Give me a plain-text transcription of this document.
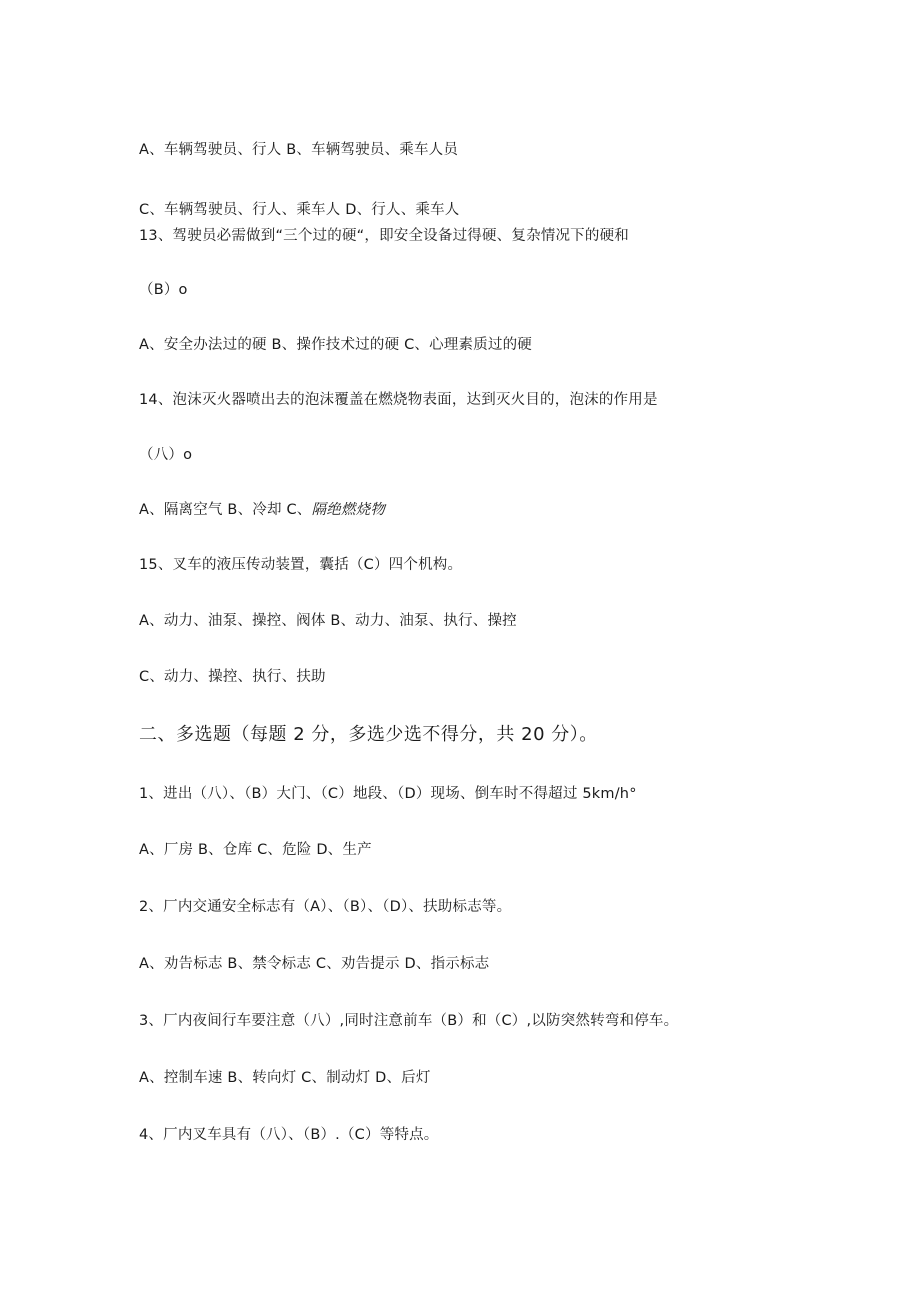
A、车辆驾驶员、行人 B、车辆驾驶员、乘车人员
C、车辆驾驶员、行人、乘车人 D、行人、乘车人
13、驾驶员必需做到“三个过的硬“，即安全设备过得硬、复杂情况下的硬和
（B）o
A、安全办法过的硬 B、操作技术过的硬 C、心理素质过的硬
14、泡沫灭火器喷出去的泡沫覆盖在燃烧物表面，达到灭火目的，泡沫的作用是
（八）o
A、隔离空气 B、冷却 C、隔绝燃烧物
15、叉车的液压传动装置，囊括（C）四个机构。
A、动力、油泵、操控、阀体 B、动力、油泵、执行、操控
C、动力、操控、执行、扶助
二、多选题（每题 2 分，多选少选不得分，共 20 分）。
1、进出（八）、（B）大门、（C）地段、（D）现场、倒车时不得超过 5km∕h°
A、厂房 B、仓库 C、危险 D、生产
2、厂内交通安全标志有（A）、（B）、（D）、扶助标志等。
A、劝告标志 B、禁令标志 C、劝告提示 D、指示标志
3、厂内夜间行车要注意（八）,同时注意前车（B）和（C）,以防突然转弯和停车。
A、控制车速 B、转向灯 C、制动灯 D、后灯
4、厂内叉车具有（八）、（B）.（C）等特点。
